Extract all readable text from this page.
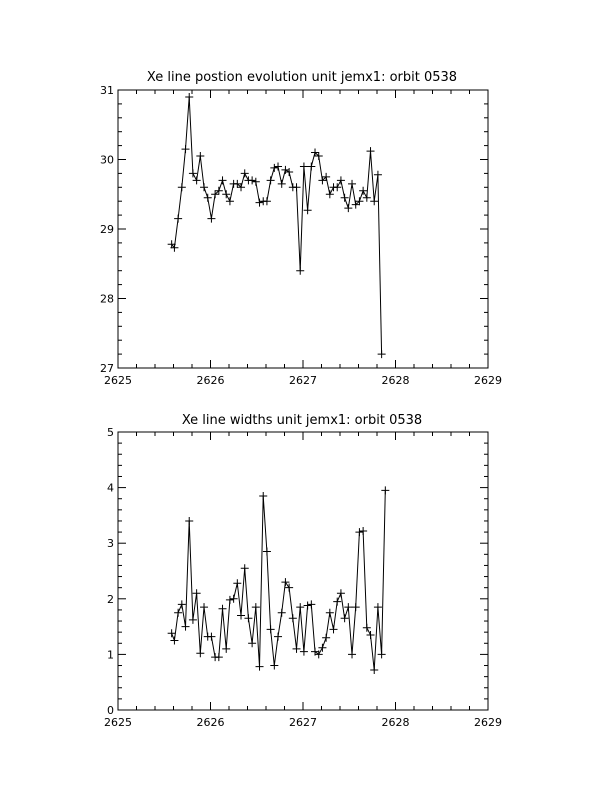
Xe line postion evolution unit jemx1: orbit 0538
2625	2626	2627	2628	2629
27
28
29
30
31
Xe line widths unit jemx1: orbit 0538
2625	2626	2627	2628	2629
0
1
2
3
4
5
